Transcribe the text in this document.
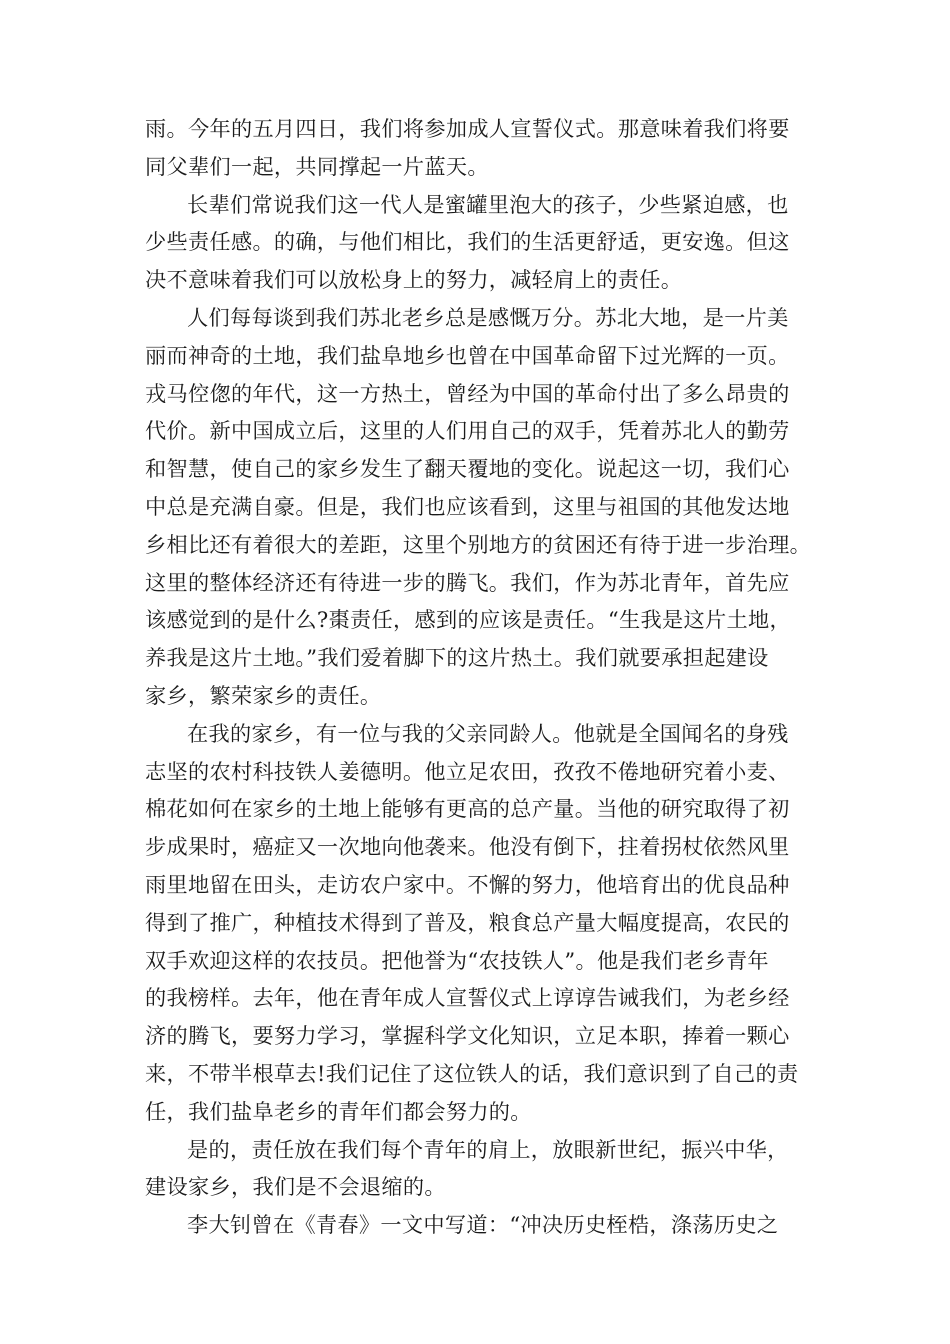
雨。今年的五月四日，我们将参加成人宣誓仪式。那意味着我们将要
同父辈们一起，共同撑起一片蓝天。
长辈们常说我们这一代人是蜜罐里泡大的孩子，少些紧迫感，也
少些责任感。的确，与他们相比，我们的生活更舒适，更安逸。但这
决不意味着我们可以放松身上的努力，减轻肩上的责任。
人们每每谈到我们苏北老乡总是感慨万分。苏北大地，是一片美
丽而神奇的土地，我们盐阜地乡也曾在中国革命留下过光辉的一页。
戎马倥偬的年代，这一方热土，曾经为中国的革命付出了多么昂贵的
代价。新中国成立后，这里的人们用自己的双手，凭着苏北人的勤劳
和智慧，使自己的家乡发生了翻天覆地的变化。说起这一切，我们心
中总是充满自豪。但是，我们也应该看到，这里与祖国的其他发达地
乡相比还有着很大的差距，这里个别地方的贫困还有待于进一步治理。
这里的整体经济还有待进一步的腾飞。我们，作为苏北青年，首先应
该感觉到的是什么?棗责任，感到的应该是责任。“生我是这片土地，
养我是这片土地。”我们爱着脚下的这片热土。我们就要承担起建设
家乡，繁荣家乡的责任。
在我的家乡，有一位与我的父亲同龄人。他就是全国闻名的身残
志坚的农村科技铁人姜德明。他立足农田，孜孜不倦地研究着小麦、
棉花如何在家乡的土地上能够有更高的总产量。当他的研究取得了初
步成果时，癌症又一次地向他袭来。他没有倒下，拄着拐杖依然风里
雨里地留在田头，走访农户家中。不懈的努力，他培育出的优良品种
得到了推广，种植技术得到了普及，粮食总产量大幅度提高，农民的
双手欢迎这样的农技员。把他誉为“农技铁人”。他是我们老乡青年
的我榜样。去年，他在青年成人宣誓仪式上谆谆告诫我们，为老乡经
济的腾飞，要努力学习，掌握科学文化知识，立足本职，捧着一颗心
来，不带半根草去!我们记住了这位铁人的话，我们意识到了自己的责
任，我们盐阜老乡的青年们都会努力的。
是的，责任放在我们每个青年的肩上，放眼新世纪，振兴中华，
建设家乡，我们是不会退缩的。
李大钊曾在《青春》一文中写道：“冲决历史桎梏，涤荡历史之
